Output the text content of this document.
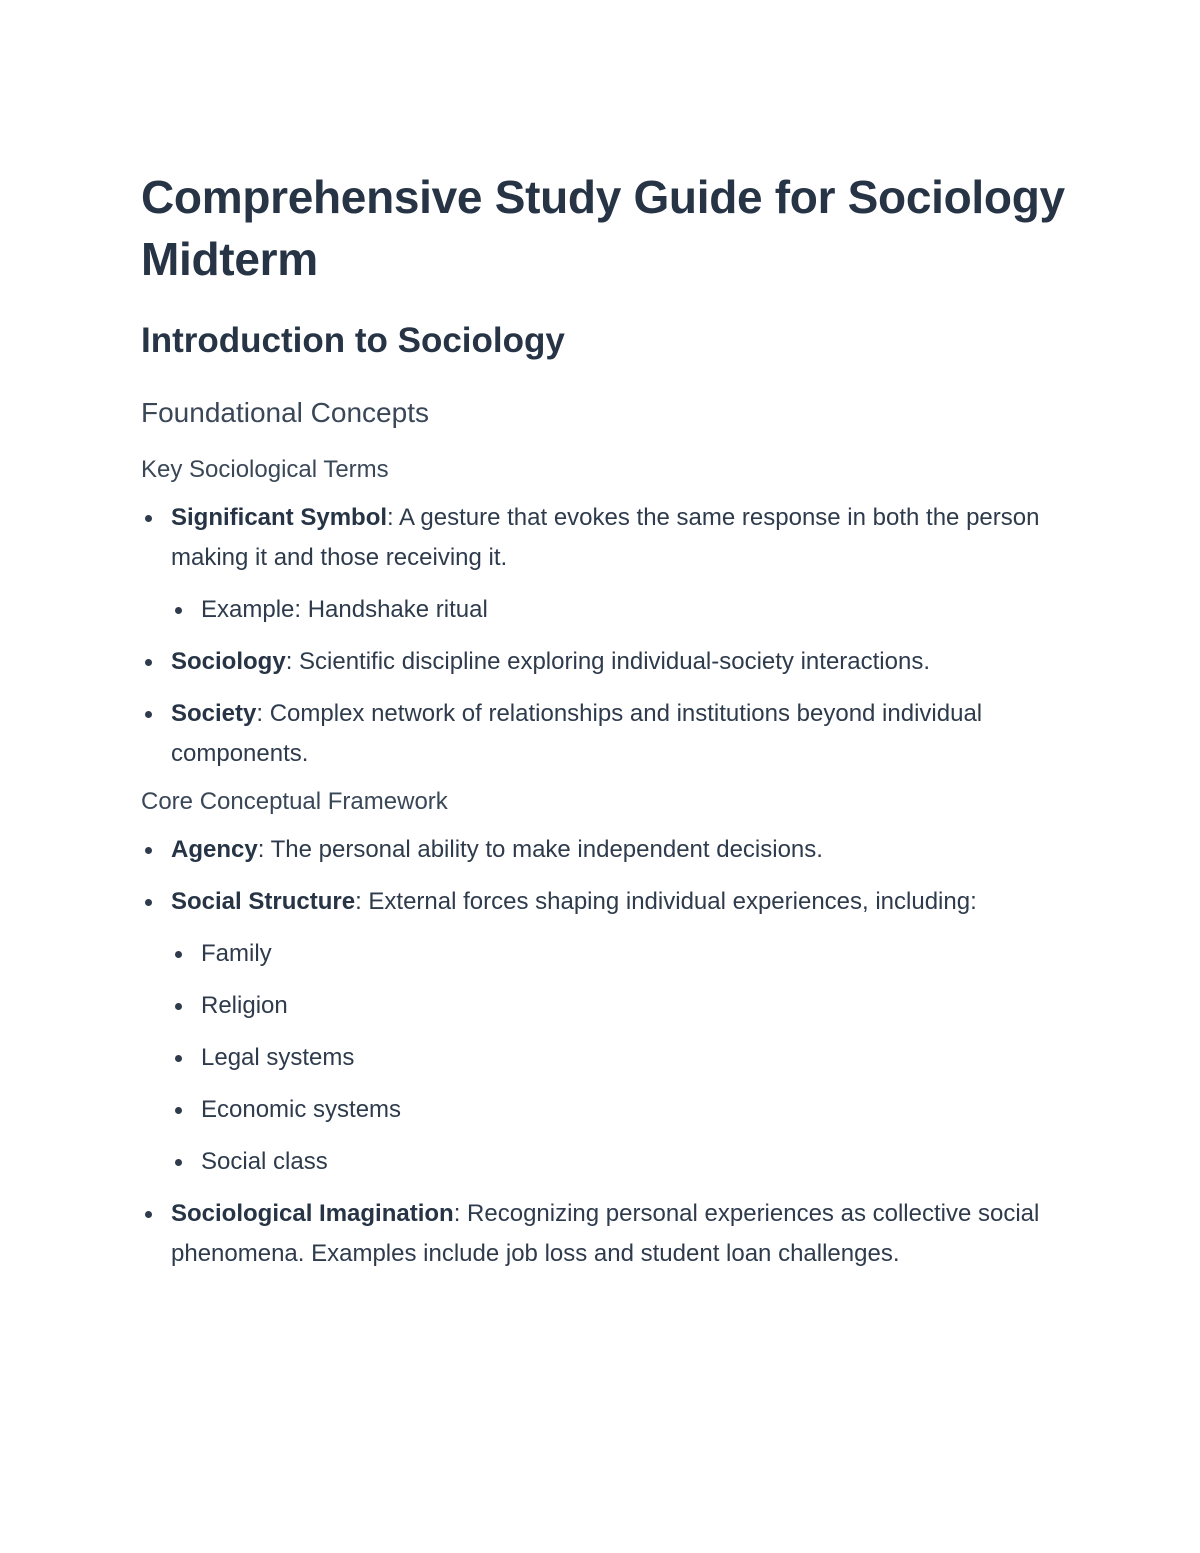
Comprehensive Study Guide for Sociology Midterm
Introduction to Sociology
Foundational Concepts
Key Sociological Terms
Significant Symbol: A gesture that evokes the same response in both the person making it and those receiving it.
Example: Handshake ritual
Sociology: Scientific discipline exploring individual-society interactions.
Society: Complex network of relationships and institutions beyond individual components.
Core Conceptual Framework
Agency: The personal ability to make independent decisions.
Social Structure: External forces shaping individual experiences, including:
Family
Religion
Legal systems
Economic systems
Social class
Sociological Imagination: Recognizing personal experiences as collective social phenomena. Examples include job loss and student loan challenges.
